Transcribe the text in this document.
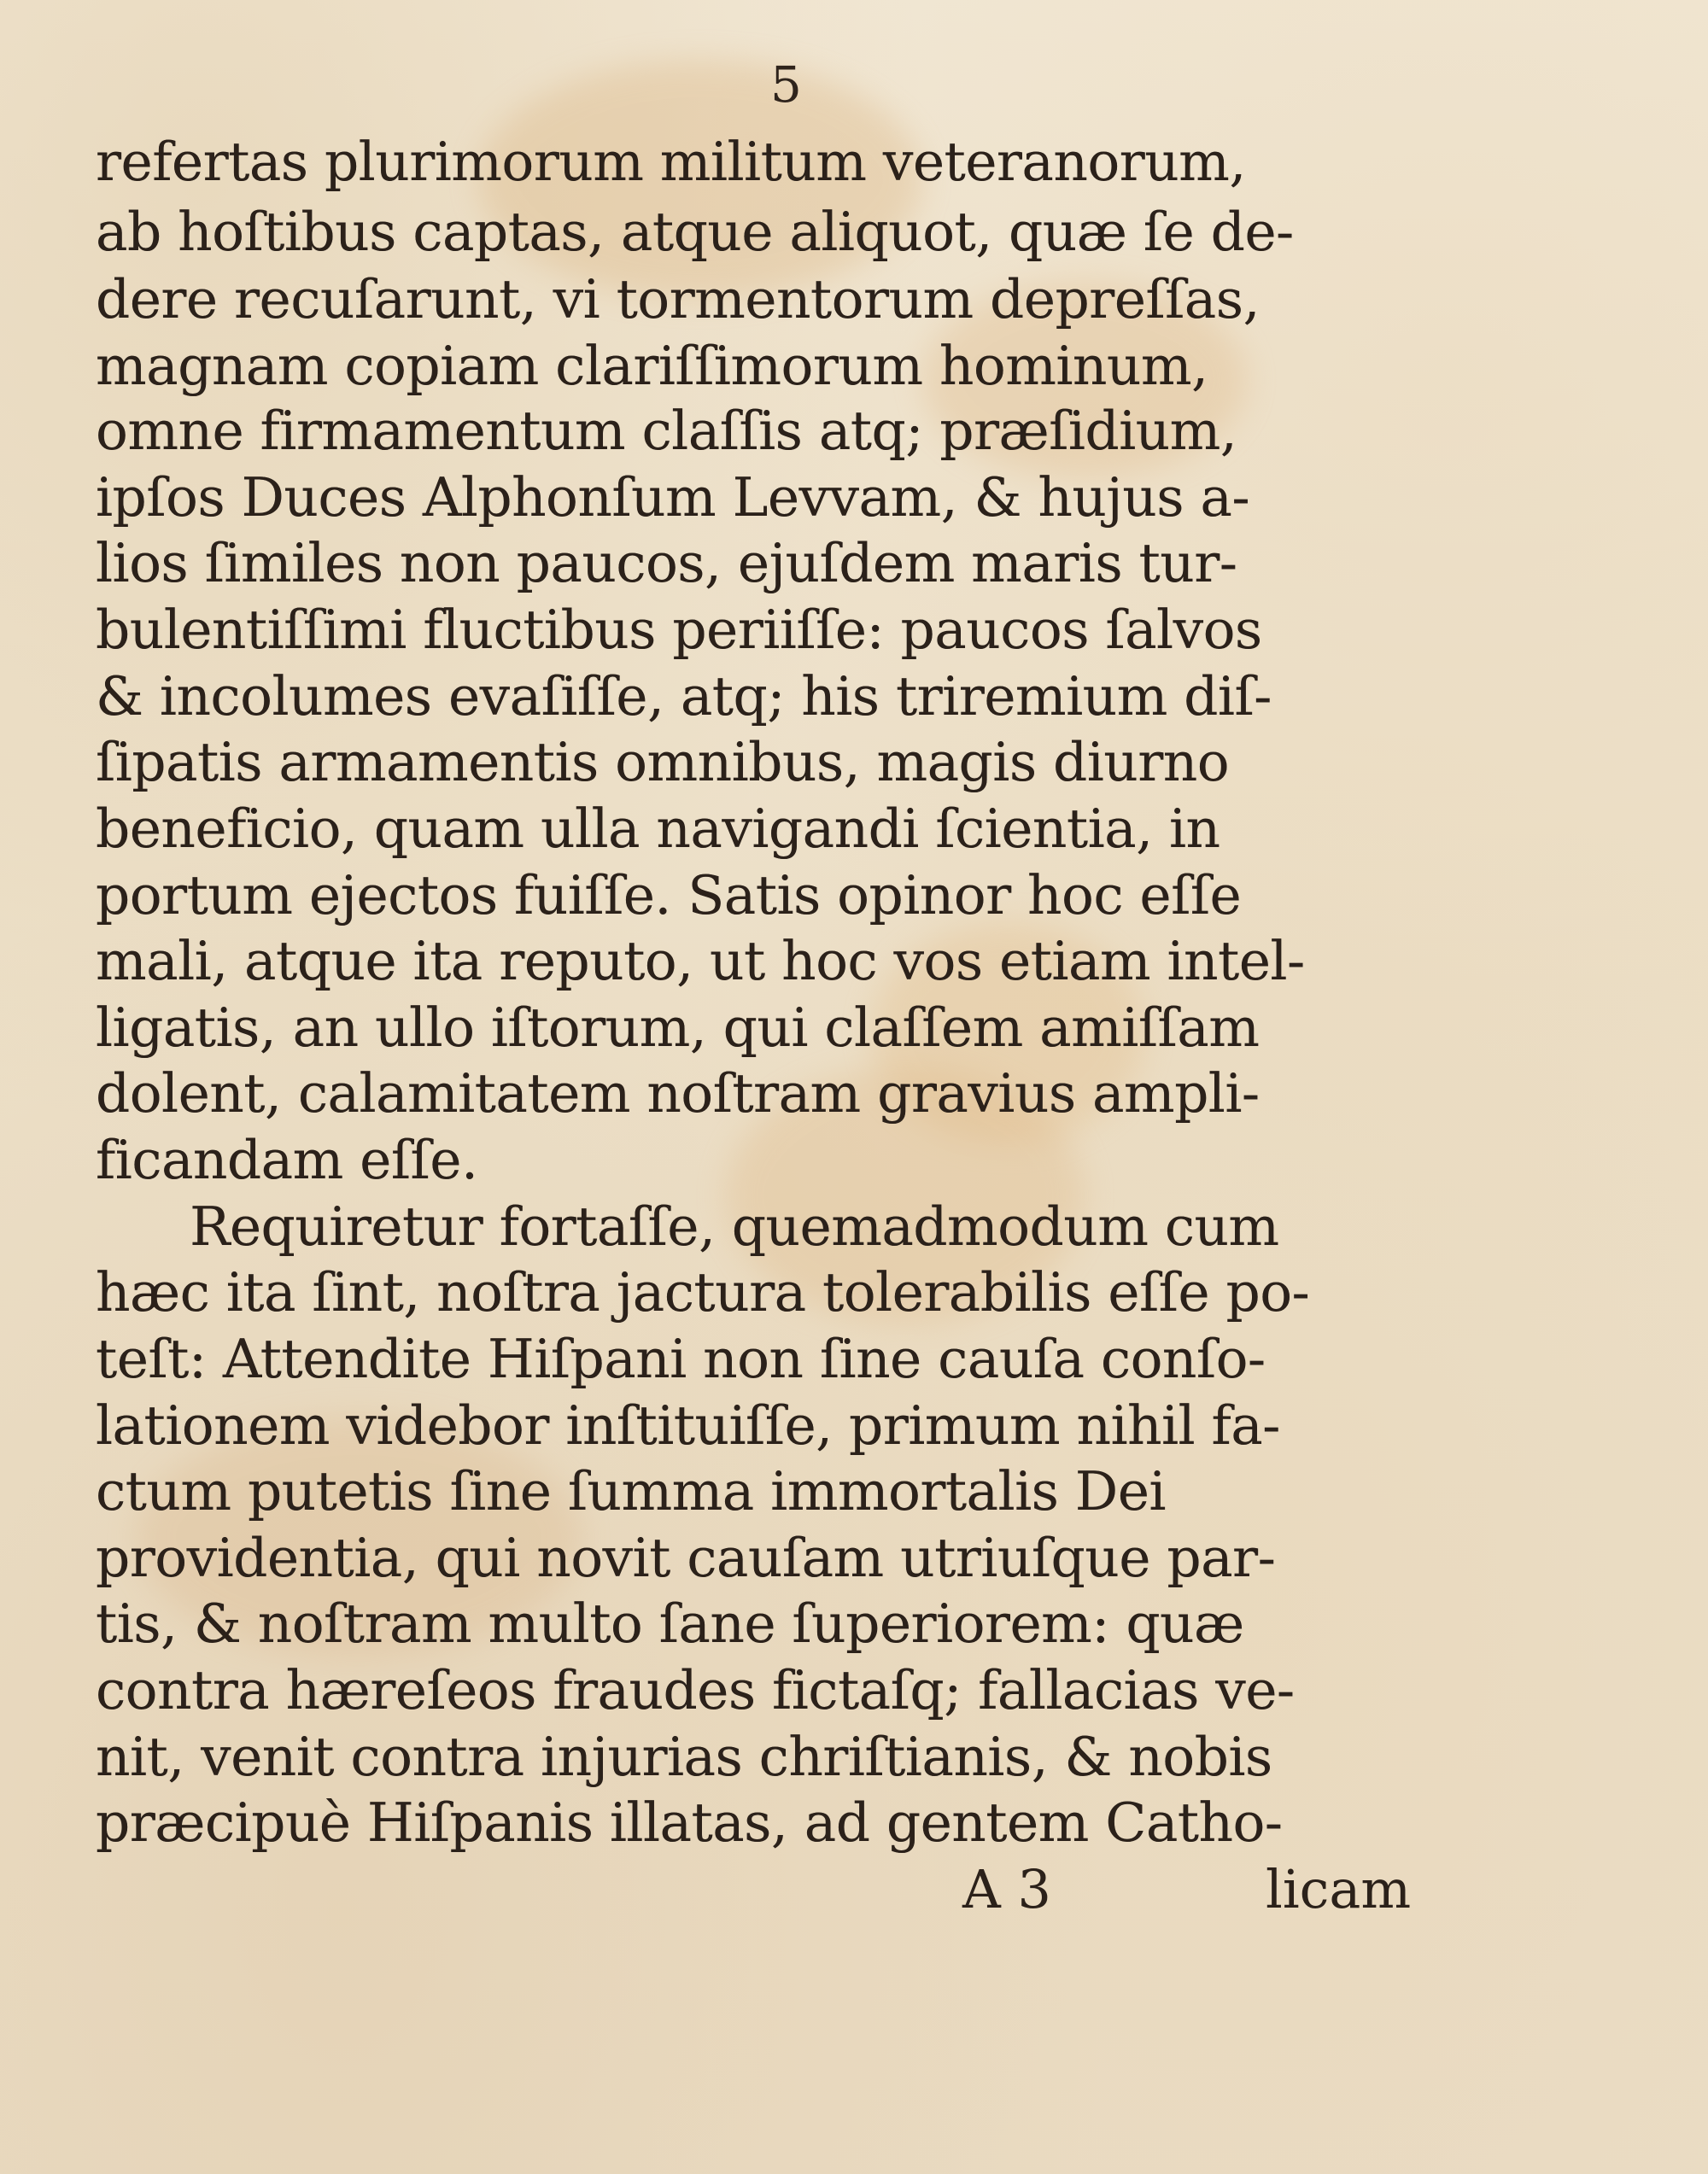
5
refertas plurimorum militum veteranorum,
ab hoſtibus captas, atque aliquot, quæ ſe de-
dere recuſarunt, vi tormentorum depreſſas,
magnam copiam clariſſimorum hominum,
omne firmamentum claſſis atq; præſidium,
ipſos Duces Alphonſum Levvam, & hujus a-
lios ſimiles non paucos, ejuſdem maris tur-
bulentiſſimi fluctibus periiſſe: paucos ſalvos
& incolumes evaſiſſe, atq; his triremium diſ-
ſipatis armamentis omnibus, magis diurno
beneficio, quam ulla navigandi ſcientia, in
portum ejectos fuiſſe. Satis opinor hoc eſſe
mali, atque ita reputo, ut hoc vos etiam intel-
ligatis, an ullo iſtorum, qui claſſem amiſſam
dolent, calamitatem noſtram gravius ampli-
ficandam eſſe.
Requiretur fortaſſe, quemadmodum cum
hæc ita ſint, noſtra jactura tolerabilis eſſe po-
teſt: Attendite Hiſpani non ſine cauſa conſo-
lationem videbor inſtituiſſe, primum nihil fa-
ctum putetis ſine ſumma immortalis Dei
providentia, qui novit cauſam utriuſque par-
tis, & noſtram multo ſane ſuperiorem: quæ
contra hæreſeos fraudes fictaſq; fallacias ve-
nit, venit contra injurias chriſtianis, & nobis
præcipuè Hiſpanis illatas, ad gentem Catho-
A 3	licam
